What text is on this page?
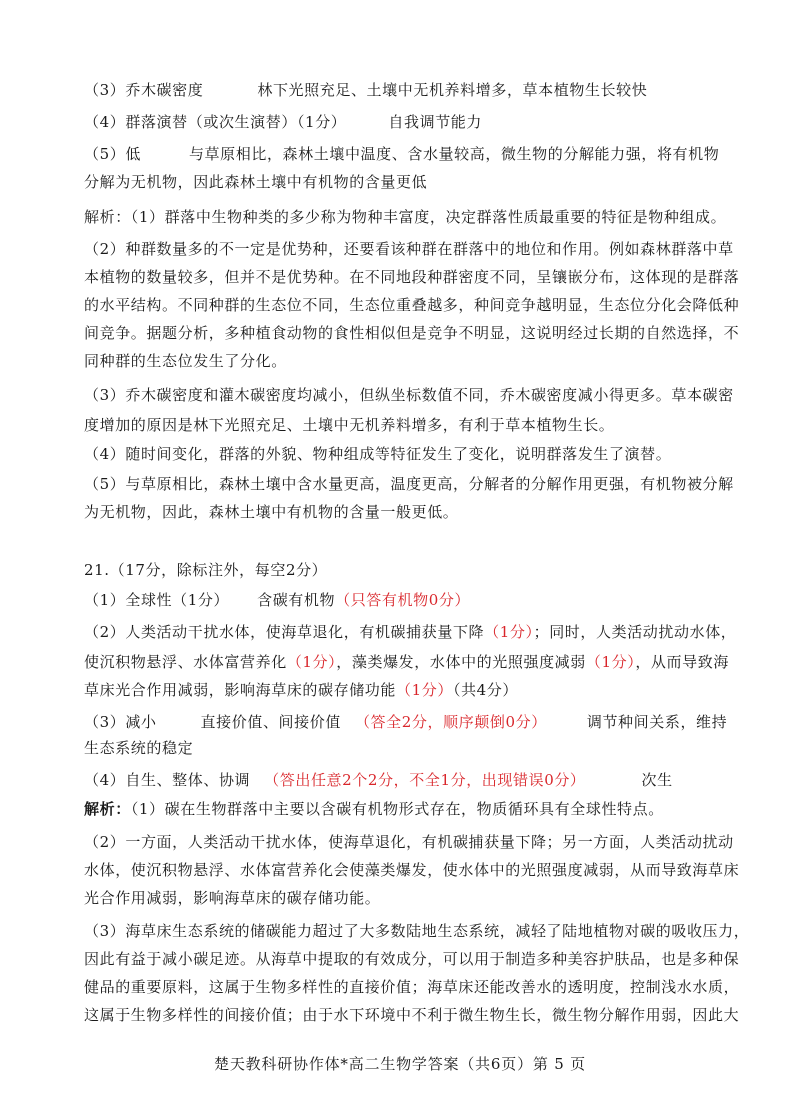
（3）乔木碳密度	林下光照充足、土壤中无机养料增多，草本植物生长较快
（4）群落演替（或次生演替）（1分）	自我调节能力
（5）低	与草原相比，森林土壤中温度、含水量较高，微生物的分解能力强，将有机物
分解为无机物，因此森林土壤中有机物的含量更低
解析：（1）群落中生物种类的多少称为物种丰富度，决定群落性质最重要的特征是物种组成。
（2）种群数量多的不一定是优势种，还要看该种群在群落中的地位和作用。例如森林群落中草
本植物的数量较多，但并不是优势种。在不同地段种群密度不同，呈镶嵌分布，这体现的是群落
的水平结构。不同种群的生态位不同，生态位重叠越多，种间竞争越明显，生态位分化会降低种
间竞争。据题分析，多种植食动物的食性相似但是竞争不明显，这说明经过长期的自然选择，不
同种群的生态位发生了分化。
（3）乔木碳密度和灌木碳密度均减小，但纵坐标数值不同，乔木碳密度减小得更多。草本碳密
度增加的原因是林下光照充足、土壤中无机养料增多，有利于草本植物生长。
（4）随时间变化，群落的外貌、物种组成等特征发生了变化，说明群落发生了演替。
（5）与草原相比，森林土壤中含水量更高，温度更高，分解者的分解作用更强，有机物被分解
为无机物，因此，森林土壤中有机物的含量一般更低。
21.（17分，除标注外，每空2分）
（1）全球性（1分） 含碳有机物（只答有机物0分）
（2）人类活动干扰水体，使海草退化，有机碳捕获量下降（1分）；同时，人类活动扰动水体，
使沉积物悬浮、水体富营养化（1分），藻类爆发，水体中的光照强度减弱（1分），从而导致海
草床光合作用减弱，影响海草床的碳存储功能（1分）（共4分）
（3）减小	直接价值、间接价值 （答全2分，顺序颠倒0分）	调节种间关系，维持
生态系统的稳定
（4）自生、整体、协调 （答出任意2个2分，不全1分，出现错误0分）	次生
解析：（1）碳在生物群落中主要以含碳有机物形式存在，物质循环具有全球性特点。
（2）一方面，人类活动干扰水体，使海草退化，有机碳捕获量下降；另一方面，人类活动扰动
水体，使沉积物悬浮、水体富营养化会使藻类爆发，使水体中的光照强度减弱，从而导致海草床
光合作用减弱，影响海草床的碳存储功能。
（3）海草床生态系统的储碳能力超过了大多数陆地生态系统，减轻了陆地植物对碳的吸收压力，
因此有益于减小碳足迹。从海草中提取的有效成分，可以用于制造多种美容护肤品，也是多种保
健品的重要原料，这属于生物多样性的直接价值；海草床还能改善水的透明度，控制浅水水质，
这属于生物多样性的间接价值；由于水下环境中不利于微生物生长，微生物分解作用弱，因此大
楚天教科研协作体*高二生物学答案（共6页）第 5 页
